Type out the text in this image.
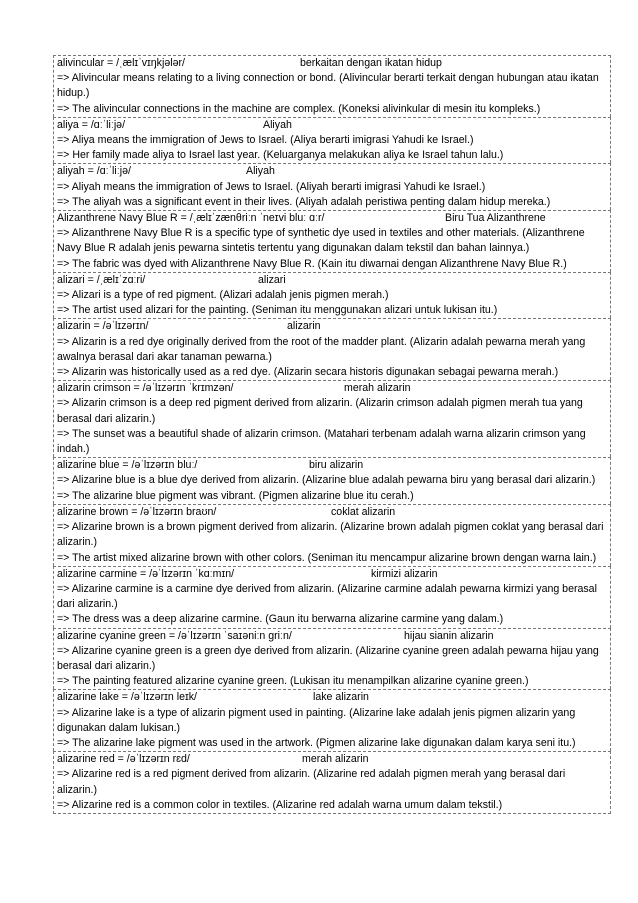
alivincular = /ˌælɪˈvɪŋkjələr/	berkaitan dengan ikatan hidup
=> Alivincular means relating to a living connection or bond. (Alivincular berarti terkait dengan hubungan atau ikatan hidup.)
=> The alivincular connections in the machine are complex. (Koneksi alivinkular di mesin itu kompleks.)
aliya = /ɑːˈliːjə/	Aliyah
=> Aliya means the immigration of Jews to Israel. (Aliya berarti imigrasi Yahudi ke Israel.)
=> Her family made aliya to Israel last year. (Keluarganya melakukan aliya ke Israel tahun lalu.)
aliyah = /ɑːˈliːjə/	Aliyah
=> Aliyah means the immigration of Jews to Israel. (Aliyah berarti imigrasi Yahudi ke Israel.)
=> The aliyah was a significant event in their lives. (Aliyah adalah peristiwa penting dalam hidup mereka.)
Alizanthrene Navy Blue R = /ˌælɪˈzænθriːn ˈneɪvi bluː ɑːr/	Biru Tua Alizanthrene
=> Alizanthrene Navy Blue R is a specific type of synthetic dye used in textiles and other materials. (Alizanthrene Navy Blue R adalah jenis pewarna sintetis tertentu yang digunakan dalam tekstil dan bahan lainnya.)
=> The fabric was dyed with Alizanthrene Navy Blue R. (Kain itu diwarnai dengan Alizanthrene Navy Blue R.)
alizari = /ˌælɪˈzɑːri/	alizari
=> Alizari is a type of red pigment. (Alizari adalah jenis pigmen merah.)
=> The artist used alizari for the painting. (Seniman itu menggunakan alizari untuk lukisan itu.)
alizarin = /əˈlɪzərɪn/	alizarin
=> Alizarin is a red dye originally derived from the root of the madder plant. (Alizarin adalah pewarna merah yang awalnya berasal dari akar tanaman pewarna.)
=> Alizarin was historically used as a red dye. (Alizarin secara historis digunakan sebagai pewarna merah.)
alizarin crimson = /əˈlɪzərɪn ˈkrɪmzən/	merah alizarin
=> Alizarin crimson is a deep red pigment derived from alizarin. (Alizarin crimson adalah pigmen merah tua yang berasal dari alizarin.)
=> The sunset was a beautiful shade of alizarin crimson. (Matahari terbenam adalah warna alizarin crimson yang indah.)
alizarine blue = /əˈlɪzərɪn bluː/	biru alizarin
=> Alizarine blue is a blue dye derived from alizarin. (Alizarine blue adalah pewarna biru yang berasal dari alizarin.)
=> The alizarine blue pigment was vibrant. (Pigmen alizarine blue itu cerah.)
alizarine brown = /əˈlɪzərɪn braʊn/	coklat alizarin
=> Alizarine brown is a brown pigment derived from alizarin. (Alizarine brown adalah pigmen coklat yang berasal dari alizarin.)
=> The artist mixed alizarine brown with other colors. (Seniman itu mencampur alizarine brown dengan warna lain.)
alizarine carmine = /əˈlɪzərɪn ˈkɑːmɪn/	kirmizi alizarin
=> Alizarine carmine is a carmine dye derived from alizarin. (Alizarine carmine adalah pewarna kirmizi yang berasal dari alizarin.)
=> The dress was a deep alizarine carmine. (Gaun itu berwarna alizarine carmine yang dalam.)
alizarine cyanine green = /əˈlɪzərɪn ˈsaɪəniːn ɡriːn/	hijau sianin alizarin
=> Alizarine cyanine green is a green dye derived from alizarin. (Alizarine cyanine green adalah pewarna hijau yang berasal dari alizarin.)
=> The painting featured alizarine cyanine green. (Lukisan itu menampilkan alizarine cyanine green.)
alizarine lake = /əˈlɪzərɪn leɪk/	lake alizarin
=> Alizarine lake is a type of alizarin pigment used in painting. (Alizarine lake adalah jenis pigmen alizarin yang digunakan dalam lukisan.)
=> The alizarine lake pigment was used in the artwork. (Pigmen alizarine lake digunakan dalam karya seni itu.)
alizarine red = /əˈlɪzərɪn rɛd/	merah alizarin
=> Alizarine red is a red pigment derived from alizarin. (Alizarine red adalah pigmen merah yang berasal dari alizarin.)
=> Alizarine red is a common color in textiles. (Alizarine red adalah warna umum dalam tekstil.)
